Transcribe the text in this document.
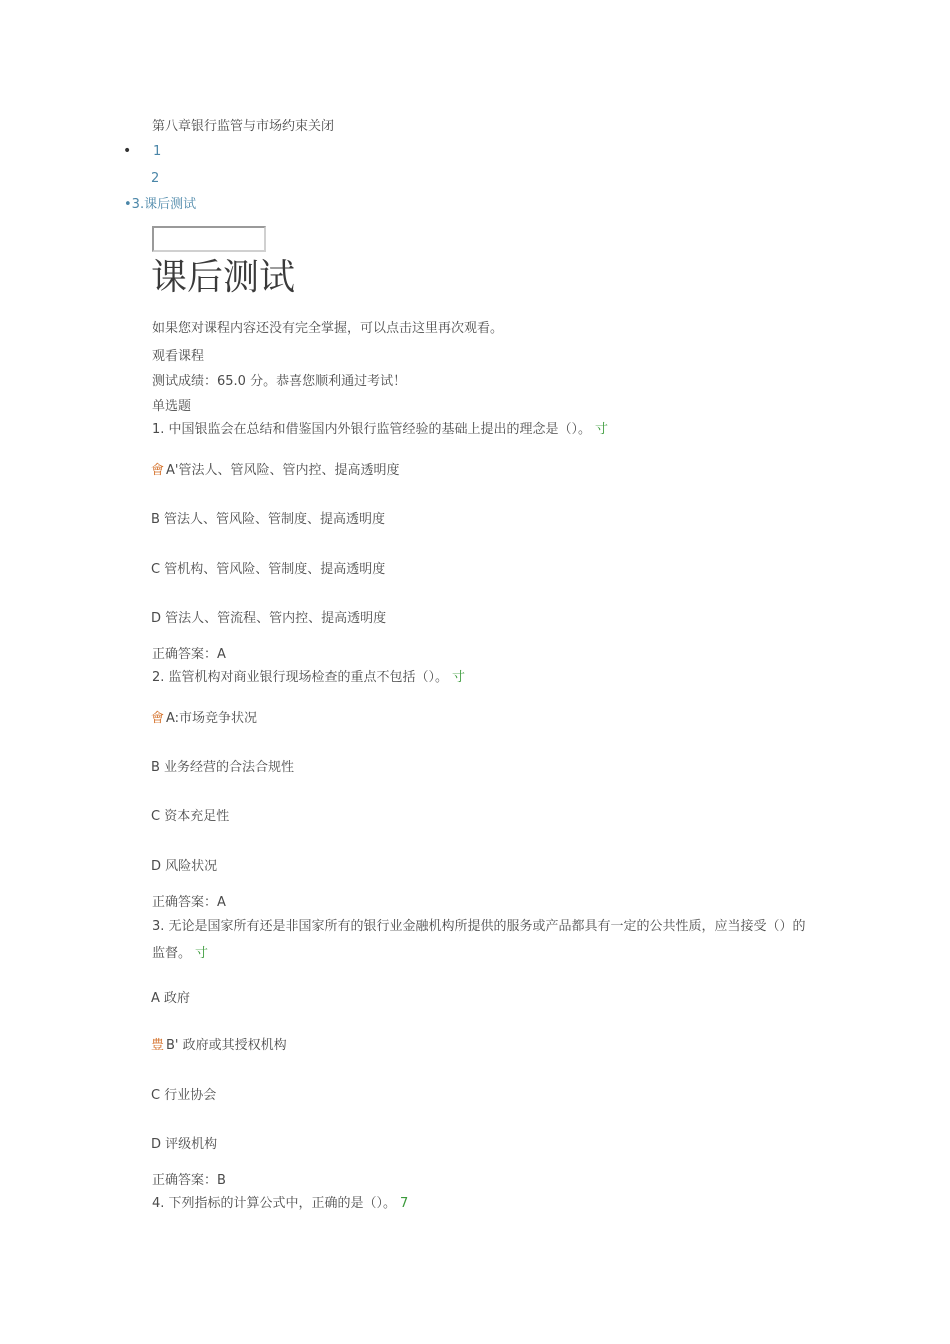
第八章银行监管与市场约束关闭
• 1
2
•3.课后测试
课后测试
如果您对课程内容还没有完全掌握，可以点击这里再次观看。
观看课程
测试成绩：65.0 分。恭喜您顺利通过考试！
单选题
1. 中国银监会在总结和借鉴国内外银行监管经验的基础上提出的理念是（）。 寸
會 A'管法人、管风险、管内控、提高透明度
B 管法人、管风险、管制度、提高透明度
C 管机构、管风险、管制度、提高透明度
D 管法人、管流程、管内控、提高透明度
正确答案：A
2. 监管机构对商业银行现场检查的重点不包括（）。 寸
會 A:市场竞争状况
B 业务经营的合法合规性
C 资本充足性
D 风险状况
正确答案：A
3. 无论是国家所有还是非国家所有的银行业金融机构所提供的服务或产品都具有一定的公共性质，应当接受（）的监督。 寸
A 政府
豊 B' 政府或其授权机构
C 行业协会
D 评级机构
正确答案：B
4. 下列指标的计算公式中，正确的是（）。 7
